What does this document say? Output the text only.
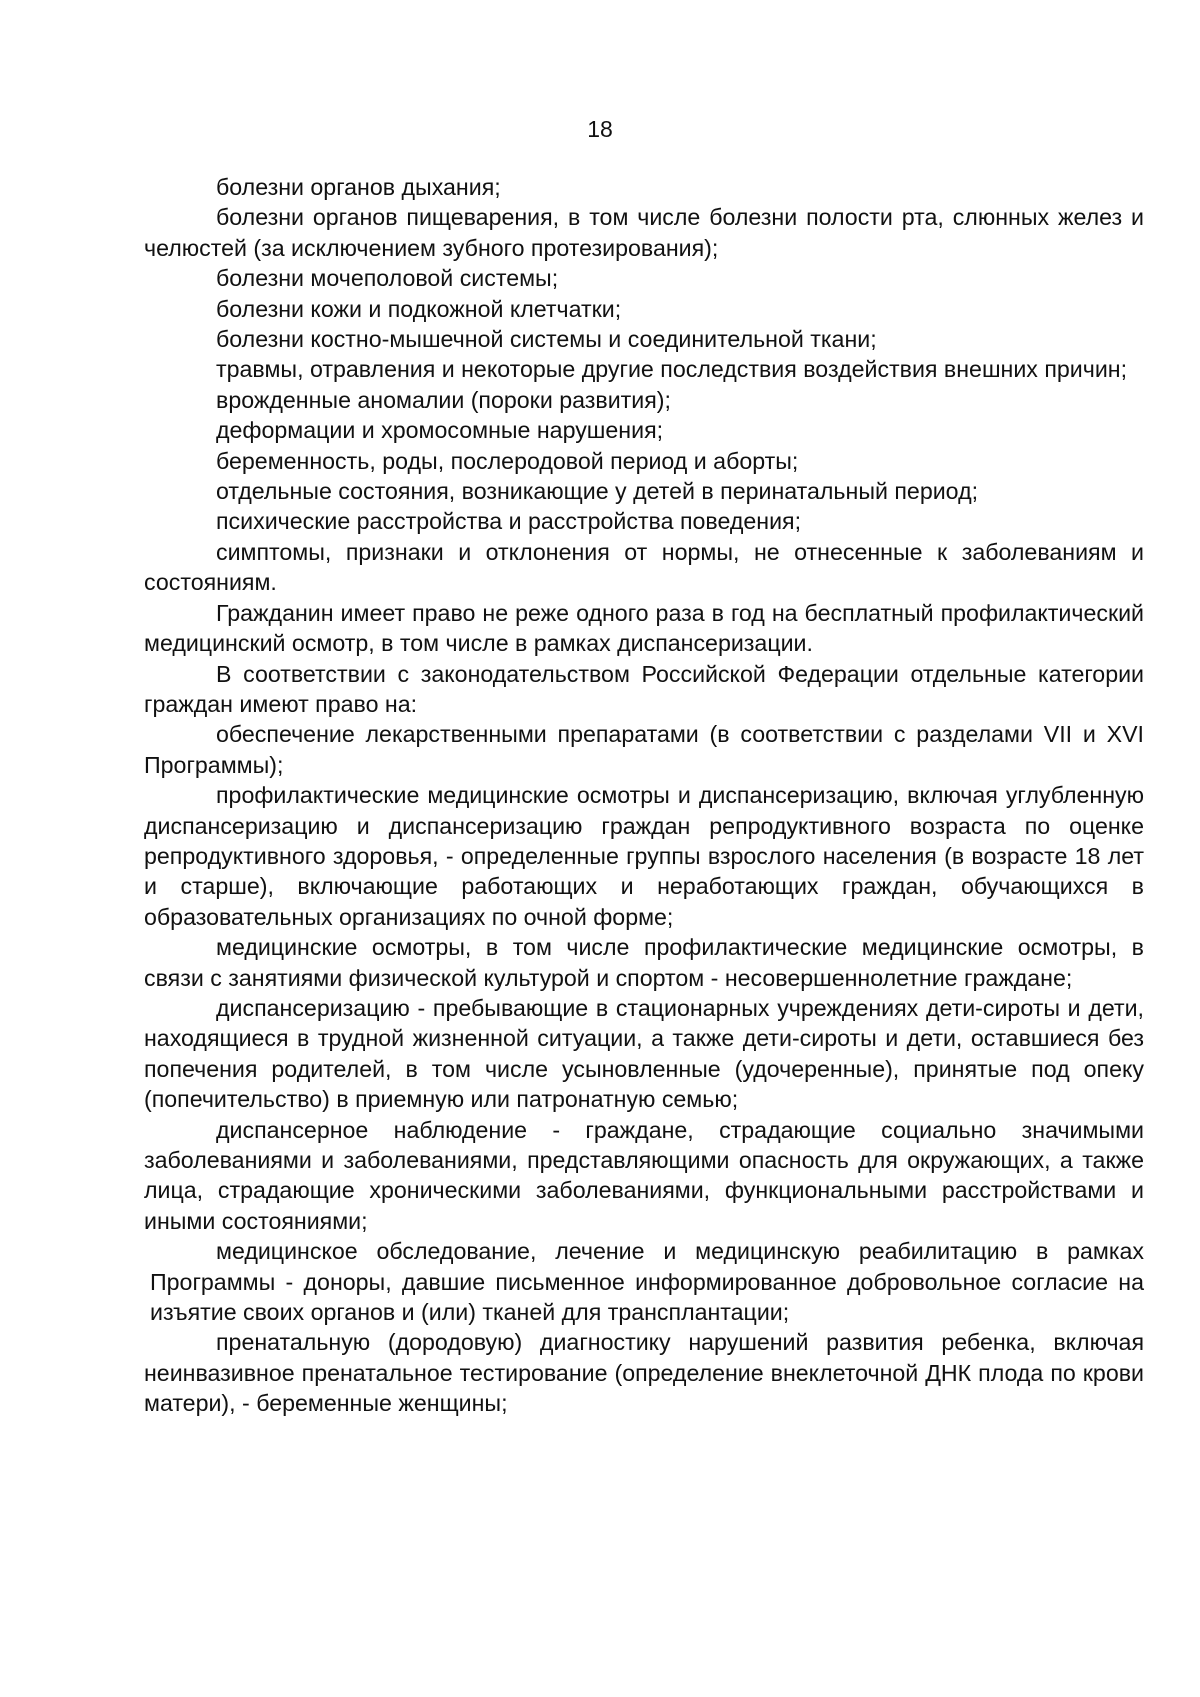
18

болезни органов дыхания;

болезни органов пищеварения, в том числе болезни полости рта, слюнных желез и челюстей (за исключением зубного протезирования);

болезни мочеполовой системы;

болезни кожи и подкожной клетчатки;

болезни костно-мышечной системы и соединительной ткани;

травмы, отравления и некоторые другие последствия воздействия внешних причин;

врожденные аномалии (пороки развития);

деформации и хромосомные нарушения;

беременность, роды, послеродовой период и аборты;

отдельные состояния, возникающие у детей в перинатальный период;

психические расстройства и расстройства поведения;

симптомы, признаки и отклонения от нормы, не отнесенные к заболеваниям и состояниям.

Гражданин имеет право не реже одного раза в год на бесплатный профилактический медицинский осмотр, в том числе в рамках диспансеризации.

В соответствии с законодательством Российской Федерации отдельные категории граждан имеют право на:

обеспечение лекарственными препаратами (в соответствии с разделами VII и XVI Программы);

профилактические медицинские осмотры и диспансеризацию, включая углубленную диспансеризацию и диспансеризацию граждан репродуктивного возраста по оценке репродуктивного здоровья, - определенные группы взрослого населения (в возрасте 18 лет и старше), включающие работающих и неработающих граждан, обучающихся в образовательных организациях по очной форме;

медицинские осмотры, в том числе профилактические медицинские осмотры, в связи с занятиями физической культурой и спортом - несовершеннолетние граждане;

диспансеризацию - пребывающие в стационарных учреждениях дети-сироты и дети, находящиеся в трудной жизненной ситуации, а также дети-сироты и дети, оставшиеся без попечения родителей, в том числе усыновленные (удочеренные), принятые под опеку (попечительство) в приемную или патронатную семью;

диспансерное наблюдение - граждане, страдающие социально значимыми заболеваниями и заболеваниями, представляющими опасность для окружающих, а также лица, страдающие хроническими заболеваниями, функциональными расстройствами и иными состояниями;

медицинское обследование, лечение и медицинскую реабилитацию в рамках Программы - доноры, давшие письменное информированное добровольное согласие на изъятие своих органов и (или) тканей для трансплантации;

пренатальную (дородовую) диагностику нарушений развития ребенка, включая неинвазивное пренатальное тестирование (определение внеклеточной ДНК плода по крови матери), - беременные женщины;
